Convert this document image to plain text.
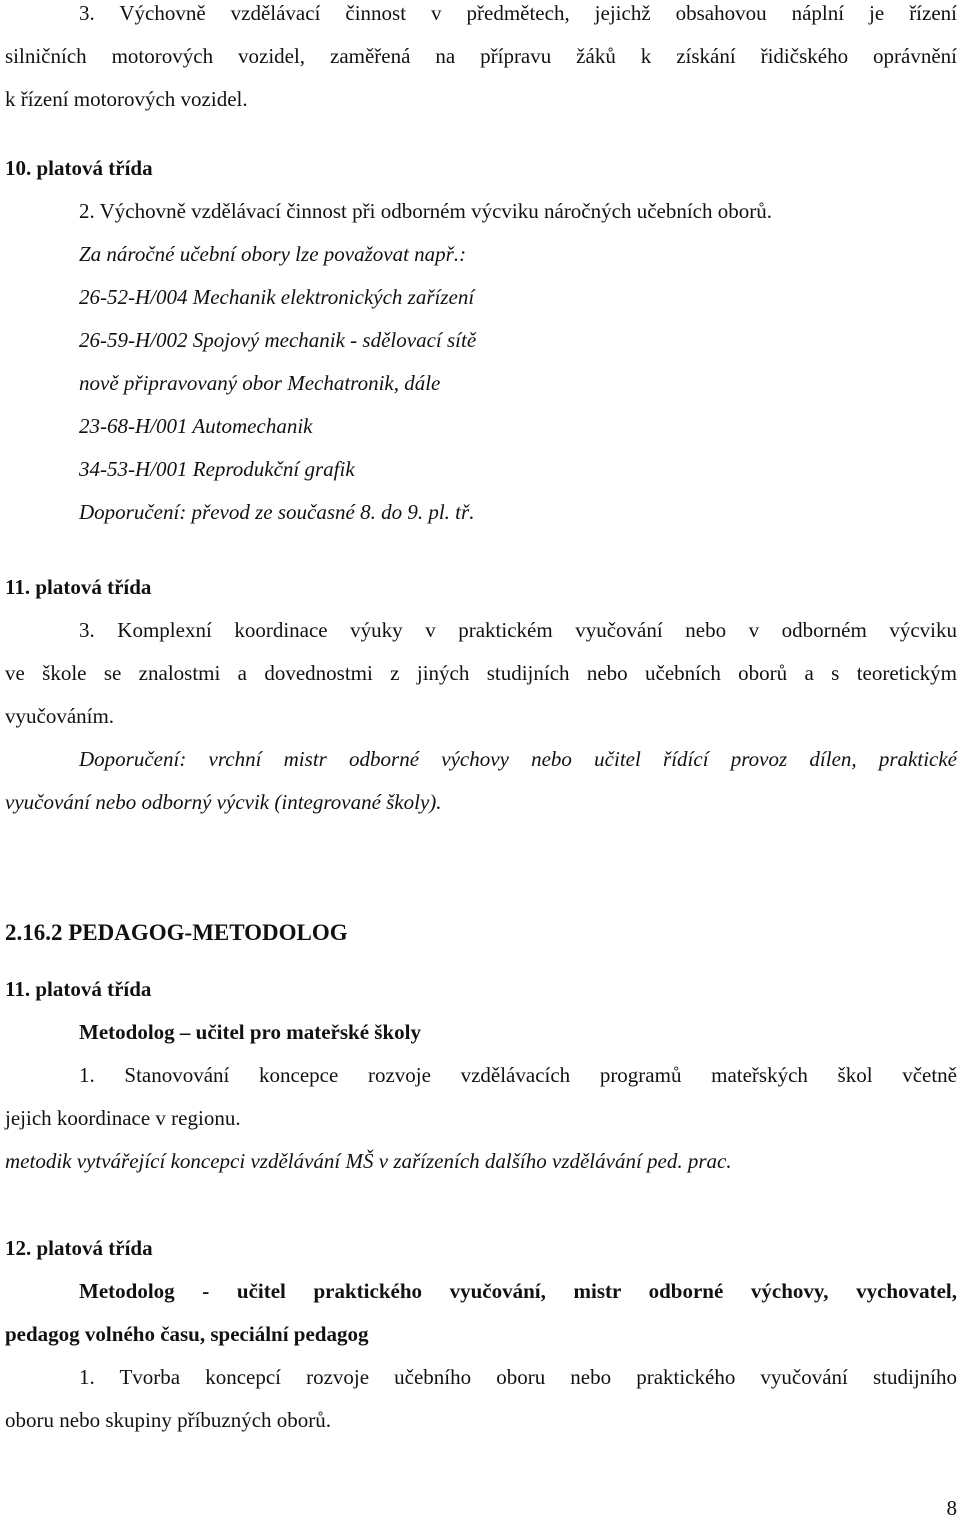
3. Výchovně vzdělávací činnost v předmětech, jejichž obsahovou náplní je řízení
silničních motorových vozidel, zaměřená na přípravu žáků k získání řidičského oprávnění
k řízení motorových vozidel.
10. platová třída
2. Výchovně vzdělávací činnost při odborném výcviku náročných učebních oborů.
Za náročné učební obory lze považovat např.:
26-52-H/004 Mechanik elektronických zařízení
26-59-H/002 Spojový mechanik - sdělovací sítě
nově připravovaný obor Mechatronik, dále
23-68-H/001 Automechanik
34-53-H/001 Reprodukční grafik
Doporučení: převod ze současné 8. do 9. pl. tř.
11. platová třída
3. Komplexní koordinace výuky v praktickém vyučování nebo v odborném výcviku
ve škole se znalostmi a dovednostmi z jiných studijních nebo učebních oborů a s teoretickým
vyučováním.
Doporučení: vrchní mistr odborné výchovy nebo učitel řídící provoz dílen, praktické
vyučování nebo odborný výcvik (integrované školy).
2.16.2 PEDAGOG-METODOLOG
11. platová třída
Metodolog – učitel pro mateřské školy
1. Stanovování koncepce rozvoje vzdělávacích programů mateřských škol včetně
jejich koordinace v regionu.
metodik vytvářející koncepci vzdělávání MŠ v zařízeních dalšího vzdělávání ped. prac.
12. platová třída
Metodolog - učitel praktického vyučování, mistr odborné výchovy, vychovatel,
pedagog volného času, speciální pedagog
1. Tvorba koncepcí rozvoje učebního oboru nebo praktického vyučování studijního
oboru nebo skupiny příbuzných oborů.
8
